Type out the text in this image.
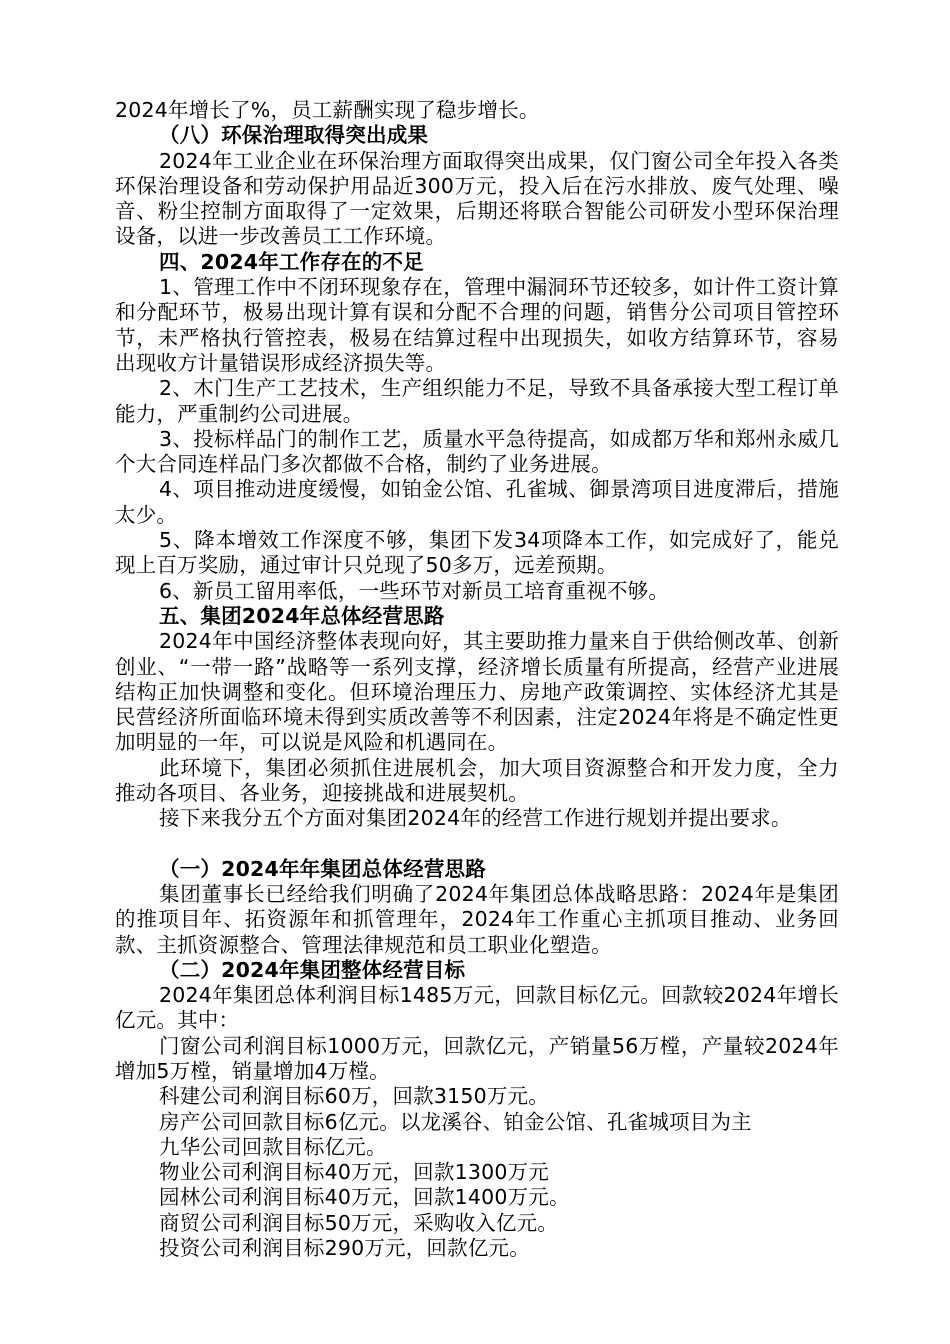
2024年增长了%，员工薪酬实现了稳步增长。
（八）环保治理取得突出成果
2024年工业企业在环保治理方面取得突出成果，仅门窗公司全年投入各类环保治理设备和劳动保护用品近300万元，投入后在污水排放、废气处理、噪音、粉尘控制方面取得了一定效果，后期还将联合智能公司研发小型环保治理设备，以进一步改善员工工作环境。
四、2024年工作存在的不足
1、管理工作中不闭环现象存在，管理中漏洞环节还较多，如计件工资计算和分配环节，极易出现计算有误和分配不合理的问题，销售分公司项目管控环节，未严格执行管控表，极易在结算过程中出现损失，如收方结算环节，容易出现收方计量错误形成经济损失等。
2、木门生产工艺技术，生产组织能力不足，导致不具备承接大型工程订单能力，严重制约公司进展。
3、投标样品门的制作工艺，质量水平急待提高，如成都万华和郑州永威几个大合同连样品门多次都做不合格，制约了业务进展。
4、项目推动进度缓慢，如铂金公馆、孔雀城、御景湾项目进度滞后，措施太少。
5、降本增效工作深度不够，集团下发34项降本工作，如完成好了，能兑现上百万奖励，通过审计只兑现了50多万，远差预期。
6、新员工留用率低，一些环节对新员工培育重视不够。
五、集团2024年总体经营思路
2024年中国经济整体表现向好，其主要助推力量来自于供给侧改革、创新创业、“一带一路”战略等一系列支撑，经济增长质量有所提高，经营产业进展结构正加快调整和变化。但环境治理压力、房地产政策调控、实体经济尤其是民营经济所面临环境未得到实质改善等不利因素，注定2024年将是不确定性更加明显的一年，可以说是风险和机遇同在。
此环境下，集团必须抓住进展机会，加大项目资源整合和开发力度，全力推动各项目、各业务，迎接挑战和进展契机。
接下来我分五个方面对集团2024年的经营工作进行规划并提出要求。
（一）2024年年集团总体经营思路
集团董事长已经给我们明确了2024年集团总体战略思路：2024年是集团的推项目年、拓资源年和抓管理年，2024年工作重心主抓项目推动、业务回款、主抓资源整合、管理法律规范和员工职业化塑造。
（二）2024年集团整体经营目标
2024年集团总体利润目标1485万元，回款目标亿元。回款较2024年增长亿元。其中：
门窗公司利润目标1000万元，回款亿元，产销量56万樘，产量较2024年增加5万樘，销量增加4万樘。
科建公司利润目标60万，回款3150万元。
房产公司回款目标6亿元。以龙溪谷、铂金公馆、孔雀城项目为主
九华公司回款目标亿元。
物业公司利润目标40万元，回款1300万元
园林公司利润目标40万元，回款1400万元。
商贸公司利润目标50万元，采购收入亿元。
投资公司利润目标290万元，回款亿元。
